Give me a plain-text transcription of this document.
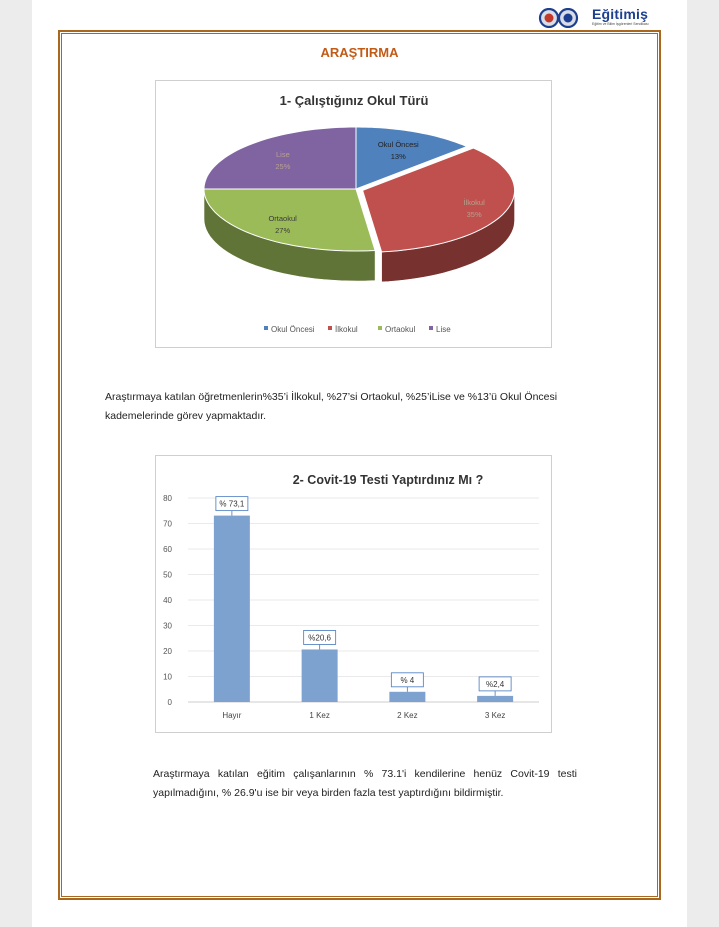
Eğitimiş
Eğitim ve Bilim İşgörenleri Sendikası
ARAŞTIRMA
1- Çalıştığınız Okul Türü
Okul Öncesi
13%
İlkokul
35%
Ortaokul
27%
Lise
25%
Okul Öncesi	İlkokul	Ortaokul	Lise
Araştırmaya katılan öğretmenlerin%35’i İlkokul, %27’si Ortaokul, %25’iLise ve %13’ü Okul Öncesi kademelerinde görev yapmaktadır.
2- Covit-19 Testi Yaptırdınız Mı ?
0
10
20
30
40
50
60
70
80
Hayır	1 Kez	2 Kez	3 Kez
% 73,1
%20,6
% 4	%2,4
Araştırmaya katılan eğitim çalışanlarının % 73.1'i kendilerine henüz Covit-19 testi yapılmadığını, % 26.9'u ise bir veya birden fazla test yaptırdığını bildirmiştir.
